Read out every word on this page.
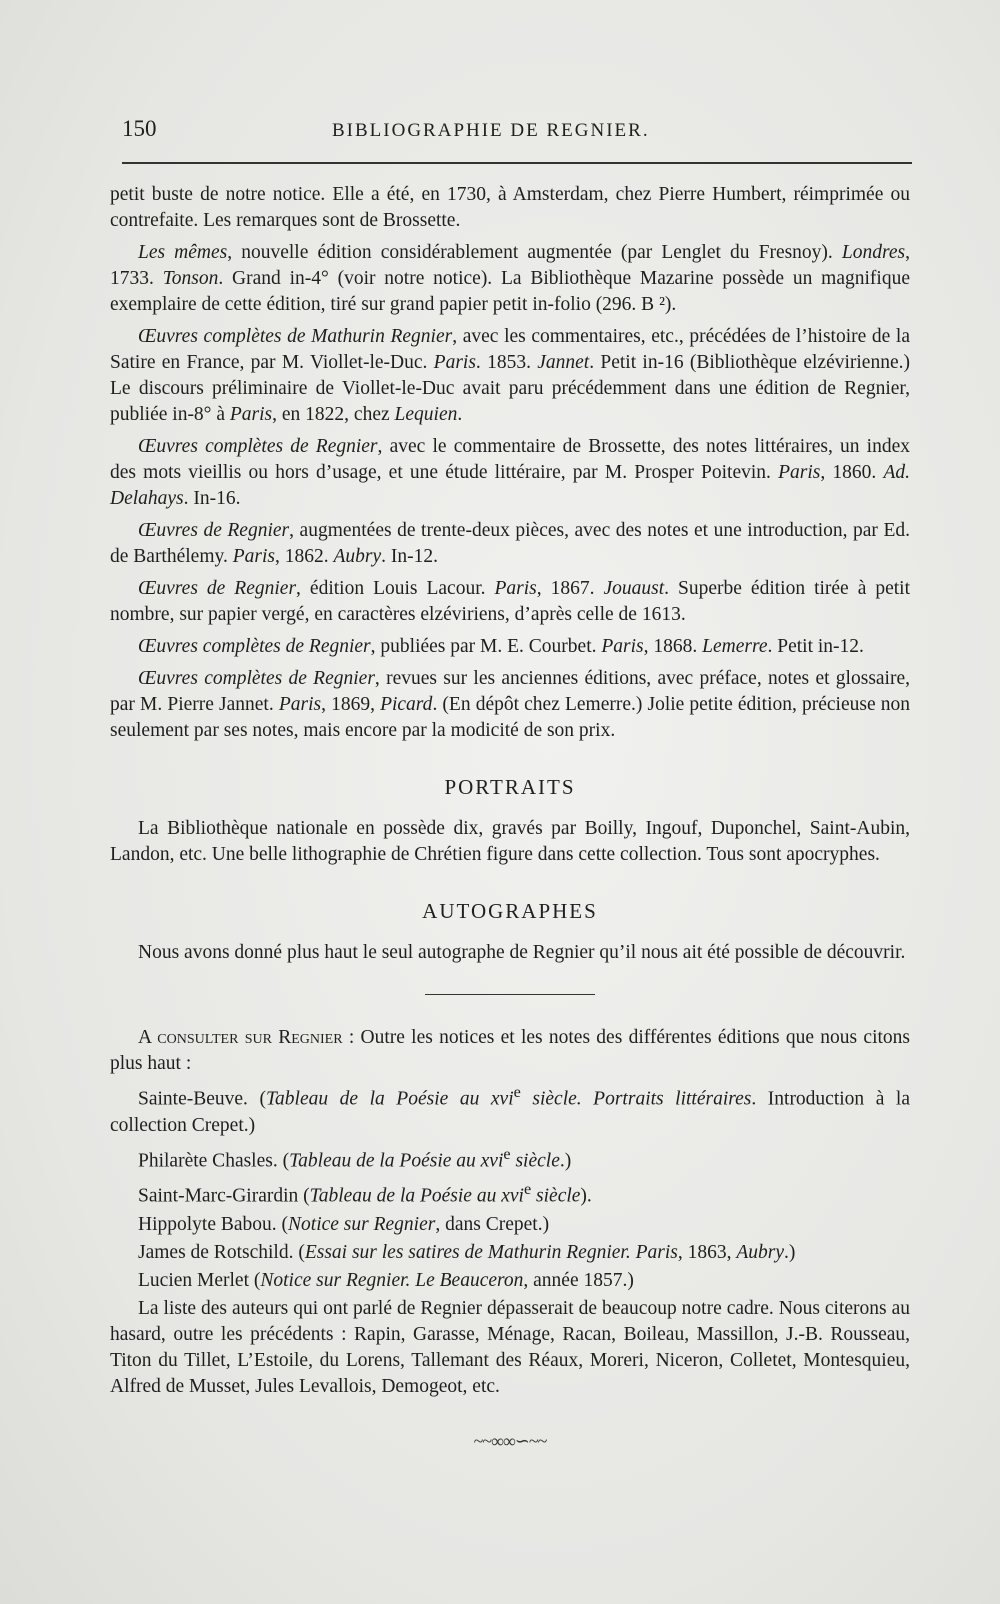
150	BIBLIOGRAPHIE DE REGNIER.

petit buste de notre notice. Elle a été, en 1730, à Amsterdam, chez Pierre Humbert, réimprimée ou contrefaite. Les remarques sont de Brossette.

Les mêmes, nouvelle édition considérablement augmentée (par Lenglet du Fresnoy). Londres, 1733. Tonson. Grand in-4° (voir notre notice). La Bibliothèque Mazarine possède un magnifique exemplaire de cette édition, tiré sur grand papier petit in-folio (296. B ²).

Œuvres complètes de Mathurin Regnier, avec les commentaires, etc., précédées de l’histoire de la Satire en France, par M. Viollet-le-Duc. Paris. 1853. Jannet. Petit in-16 (Bibliothèque elzévirienne.) Le discours préliminaire de Viollet-le-Duc avait paru précédemment dans une édition de Regnier, publiée in-8° à Paris, en 1822, chez Lequien.

Œuvres complètes de Regnier, avec le commentaire de Brossette, des notes littéraires, un index des mots vieillis ou hors d’usage, et une étude littéraire, par M. Prosper Poitevin. Paris, 1860. Ad. Delahays. In-16.

Œuvres de Regnier, augmentées de trente-deux pièces, avec des notes et une introduction, par Ed. de Barthélemy. Paris, 1862. Aubry. In-12.

Œuvres de Regnier, édition Louis Lacour. Paris, 1867. Jouaust. Superbe édition tirée à petit nombre, sur papier vergé, en caractères elzéviriens, d’après celle de 1613.

Œuvres complètes de Regnier, publiées par M. E. Courbet. Paris, 1868. Lemerre. Petit in-12.

Œuvres complètes de Regnier, revues sur les anciennes éditions, avec préface, notes et glossaire, par M. Pierre Jannet. Paris, 1869, Picard. (En dépôt chez Lemerre.) Jolie petite édition, précieuse non seulement par ses notes, mais encore par la modicité de son prix.

PORTRAITS

La Bibliothèque nationale en possède dix, gravés par Boilly, Ingouf, Duponchel, Saint-Aubin, Landon, etc. Une belle lithographie de Chrétien figure dans cette collection. Tous sont apocryphes.

AUTOGRAPHES

Nous avons donné plus haut le seul autographe de Regnier qu’il nous ait été possible de découvrir.

A consulter sur Regnier : Outre les notices et les notes des différentes éditions que nous citons plus haut :

Sainte-Beuve. (Tableau de la Poésie au xvi$^e$ siècle. Portraits littéraires. Introduction à la collection Crepet.)

Philarète Chasles. (Tableau de la Poésie au xvi$^e$ siècle.)

Saint-Marc-Girardin (Tableau de la Poésie au xvi$^e$ siècle).

Hippolyte Babou. (Notice sur Regnier, dans Crepet.)

James de Rotschild. (Essai sur les satires de Mathurin Regnier. Paris, 1863, Aubry.)

Lucien Merlet (Notice sur Regnier. Le Beauceron, année 1857.)

La liste des auteurs qui ont parlé de Regnier dépasserait de beaucoup notre cadre. Nous citerons au hasard, outre les précédents : Rapin, Garasse, Ménage, Racan, Boileau, Massillon, J.-B. Rousseau, Titon du Tillet, L’Estoile, du Lorens, Tallemant des Réaux, Moreri, Niceron, Colletet, Montesquieu, Alfred de Musset, Jules Levallois, Demogeot, etc.

~~∞∞∽~~
